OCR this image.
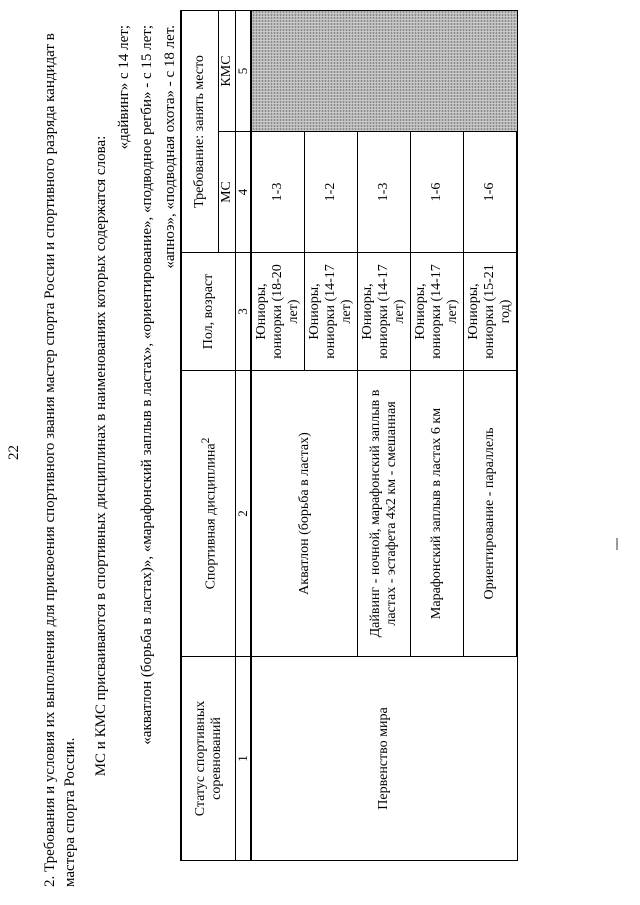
22 2. Требования и условия их выполнения для присвоения спортивного звания мастер спорта России и спортивного разряда кандидат в мастера спорта России.
МС и КМС присваиваются в спортивных дисциплинах в наименованиях которых содержатся слова:
«дайвинг» с 14 лет; «акватлон (борьба в ластах)», «марафонский заплыв в ластах», «ориентирование», «подводное регби» - с 15 лет; «апноэ», «подводная охота» - с 18 лет.
Статус спортивных соревнований	Спортивная дисциплина$^2$	Пол, возраст	Требование: занять место	
			МС	КМС
1	2	3	4	5
Первенство мира	Акватлон (борьба в ластах)	Юниоры, юниорки (18-20 лет)	1-3	
		Юниоры, юниорки (14-17 лет)	1-2	
	Дайвинг - ночной, марафонский заплыв в ластах - эстафета 4х2 км - смешанная	Юниоры, юниорки (14-17 лет)	1-3	
	Марафонский заплыв в ластах 6 км	Юниоры, юниорки (14-17 лет)	1-6	
	Ориентирование - параллель	Юниоры, юниорки (15-21 год)	1-6	
